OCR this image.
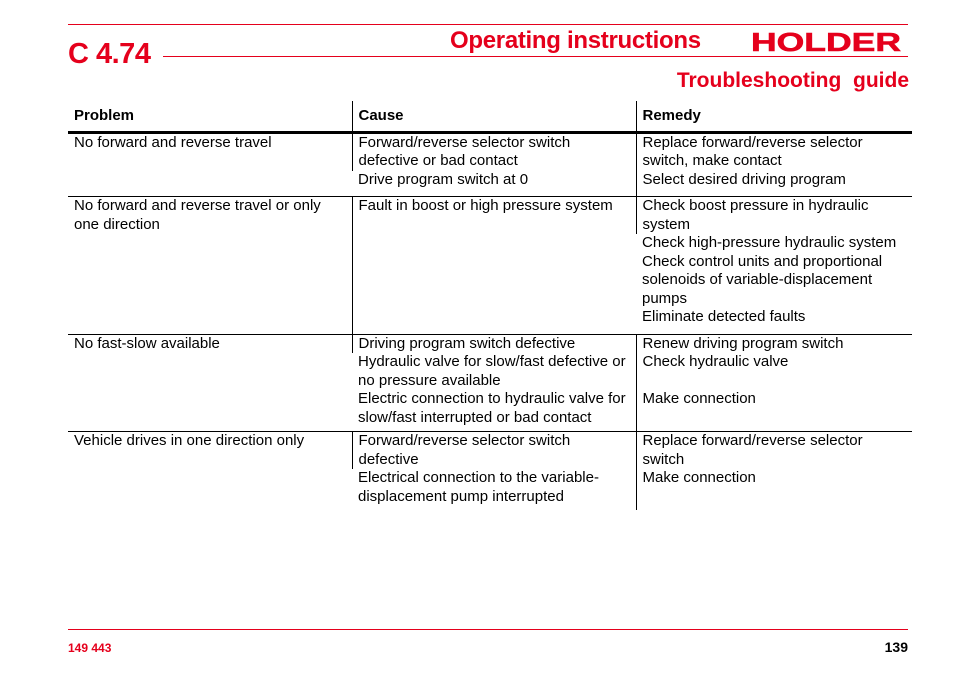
C 4.74	Operating instructions HOLDER
Troubleshooting  guide
Problem	Cause	Remedy

No forward and reverse travel	Forward/reverse selector switch defective or bad contact	Replace forward/reverse selector switch, make contact

	Drive program switch at 0	Select desired driving program

No forward and reverse travel or only one direction	Fault in boost or high pressure system	Check boost pressure in hydraulic system

		Check high-pressure hydraulic system

		Check control units and proportional solenoids of variable-displacement pumps

		Eliminate detected faults

No fast-slow available	Driving program switch defective	Renew driving program switch

	Hydraulic valve for slow/fast defective or no pressure available	Check hydraulic valve

	Electric connection to hydraulic valve for slow/fast interrupted or bad contact	Make connection

Vehicle drives in one direction only	Forward/reverse selector switch defective	Replace forward/reverse selector switch

	Electrical connection to the variable-displacement pump interrupted	Make connection
149 443	139
